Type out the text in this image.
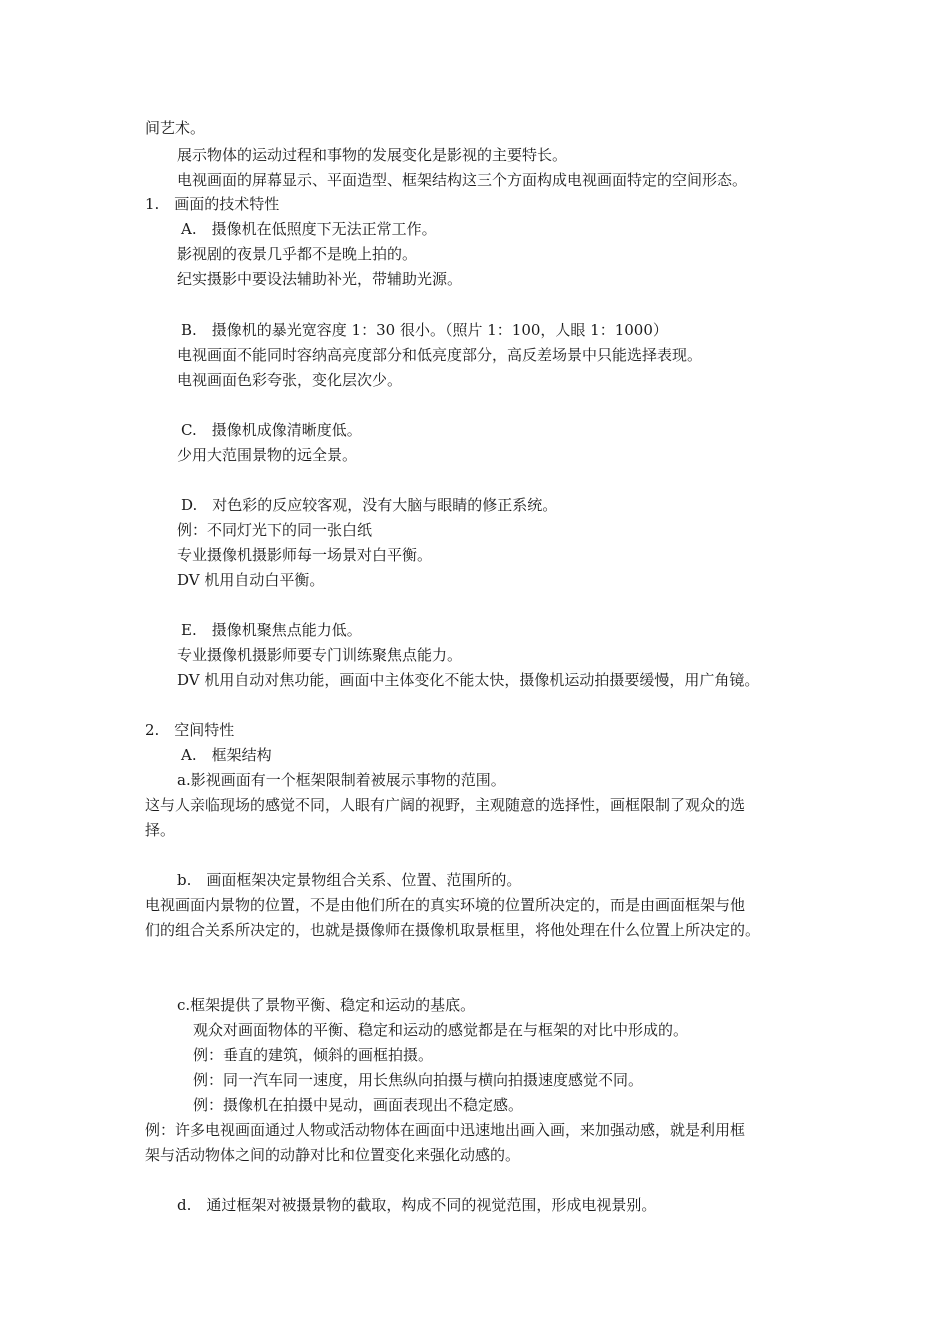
间艺术。
展示物体的运动过程和事物的发展变化是影视的主要特长。
电视画面的屏幕显示、平面造型、框架结构这三个方面构成电视画面特定的空间形态。
1.　画面的技术特性
A.　摄像机在低照度下无法正常工作。
影视剧的夜景几乎都不是晚上拍的。
纪实摄影中要设法辅助补光，带辅助光源。
B.　摄像机的暴光宽容度 1：30 很小。（照片 1：100，人眼 1：1000）
电视画面不能同时容纳高亮度部分和低亮度部分，高反差场景中只能选择表现。
电视画面色彩夸张，变化层次少。
C.　摄像机成像清晰度低。
少用大范围景物的远全景。
D.　对色彩的反应较客观，没有大脑与眼睛的修正系统。
例：不同灯光下的同一张白纸
专业摄像机摄影师每一场景对白平衡。
DV 机用自动白平衡。
E.　摄像机聚焦点能力低。
专业摄像机摄影师要专门训练聚焦点能力。
DV 机用自动对焦功能，画面中主体变化不能太快，摄像机运动拍摄要缓慢，用广角镜。
2.　空间特性
A.　框架结构
a.影视画面有一个框架限制着被展示事物的范围。
这与人亲临现场的感觉不同，人眼有广阔的视野，主观随意的选择性，画框限制了观众的选
择。
b.　画面框架决定景物组合关系、位置、范围所的。
电视画面内景物的位置，不是由他们所在的真实环境的位置所决定的，而是由画面框架与他
们的组合关系所决定的，也就是摄像师在摄像机取景框里，将他处理在什么位置上所决定的。
c.框架提供了景物平衡、稳定和运动的基底。
观众对画面物体的平衡、稳定和运动的感觉都是在与框架的对比中形成的。
例：垂直的建筑，倾斜的画框拍摄。
例：同一汽车同一速度，用长焦纵向拍摄与横向拍摄速度感觉不同。
例：摄像机在拍摄中晃动，画面表现出不稳定感。
例：许多电视画面通过人物或活动物体在画面中迅速地出画入画，来加强动感，就是利用框
架与活动物体之间的动静对比和位置变化来强化动感的。
d.　通过框架对被摄景物的截取，构成不同的视觉范围，形成电视景别。
